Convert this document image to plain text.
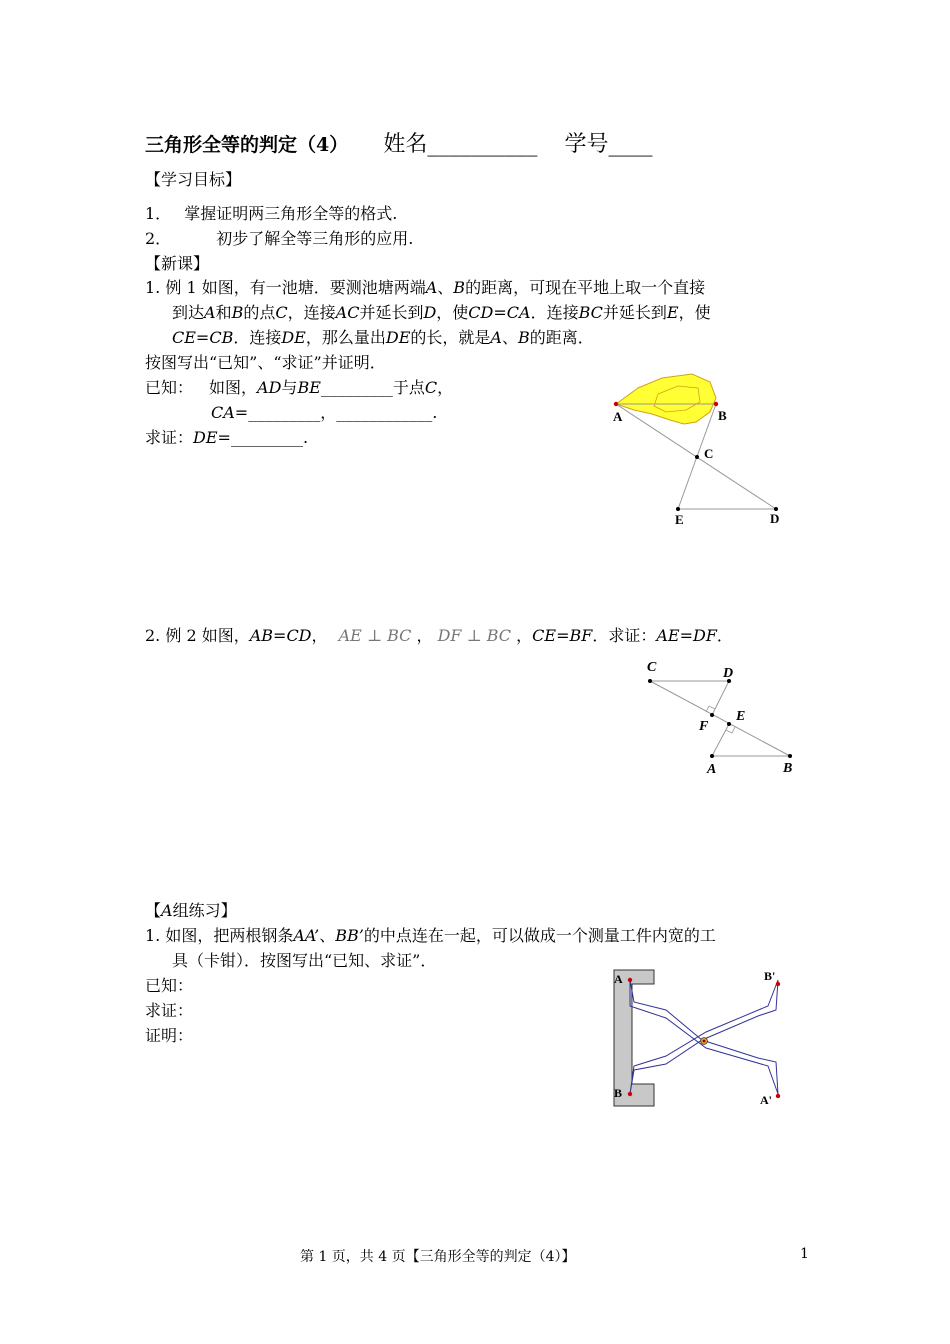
三角形全等的判定（4） 姓名__________ 学号____
【学习目标】
1． 掌握证明两三角形全等的格式.
2．	初步了解全等三角形的应用.
【新课】
1. 例 1 如图，有一池塘．要测池塘两端A、B的距离，可现在平地上取一个直接
到达A和B的点C，连接AC并延长到D，使CD=CA．连接BC并延长到E，使
CE=CB．连接DE，那么量出DE的长，就是A、B的距离．
按图写出“已知”、“求证”并证明．
已知： 如图，AD与BE_________于点C，
CA=_________，____________.
求证：DE=_________.
A	B
C
E	D
2. 例 2 如图，AB=CD， AE ⊥ BC ， DF ⊥ BC ，CE=BF．求证：AE=DF．
C	D
E
F
A	B
【A组练习】
1. 如图，把两根钢条AA’、BB’的中点连在一起，可以做成一个测量工件内宽的工
具（卡钳）．按图写出“已知、求证”．
已知：
求证：
证明：
A
B
B'
A'
第 1 页，共 4 页【三角形全等的判定（4）】	1
